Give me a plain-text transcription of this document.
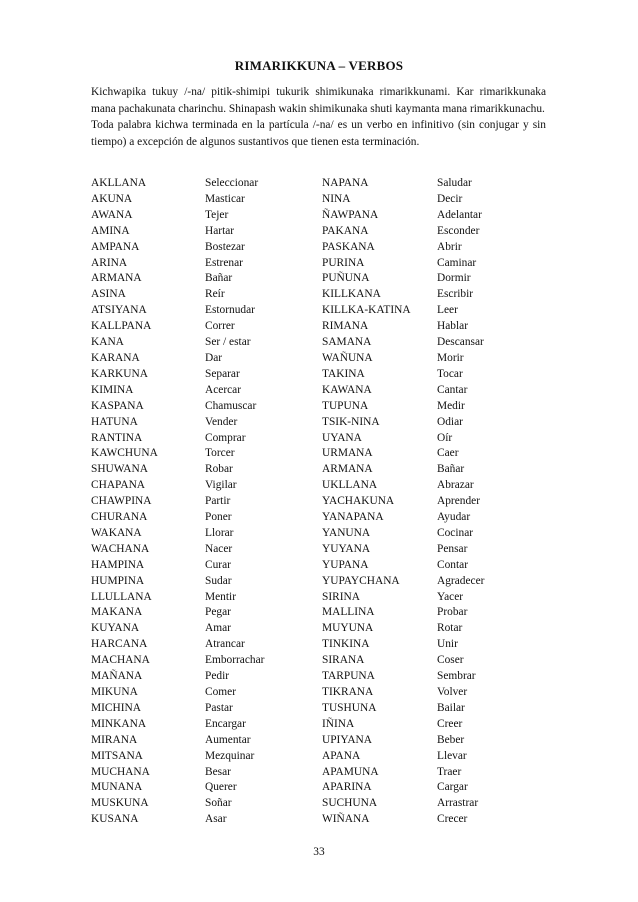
RIMARIKKUNA – VERBOS

Kichwapika tukuy /-na/ pitik-shimipi tukurik shimikunaka rimarikkunami. Kar rimarikkunaka mana pachakunata charinchu. Shinapash wakin shimikunaka shuti kaymanta mana rimarikkunachu.

Toda palabra kichwa terminada en la partícula /-na/ es un verbo en infinitivo (sin conjugar y sin tiempo) a excepción de algunos sustantivos que tienen esta terminación.

AKLLANA	Seleccionar	NAPANA	Saludar
AKUNA	Masticar	NINA	Decir
AWANA	Tejer	ÑAWPANA	Adelantar
AMINA	Hartar	PAKANA	Esconder
AMPANA	Bostezar	PASKANA	Abrir
ARINA	Estrenar	PURINA	Caminar
ARMANA	Bañar	PUÑUNA	Dormir
ASINA	Reír	KILLKANA	Escribir
ATSIYANA	Estornudar	KILLKA-KATINA	Leer
KALLPANA	Correr	RIMANA	Hablar
KANA	Ser / estar	SAMANA	Descansar
KARANA	Dar	WAÑUNA	Morir
KARKUNA	Separar	TAKINA	Tocar
KIMINA	Acercar	KAWANA	Cantar
KASPANA	Chamuscar	TUPUNA	Medir
HATUNA	Vender	TSIK-NINA	Odiar
RANTINA	Comprar	UYANA	Oír
KAWCHUNA	Torcer	URMANA	Caer
SHUWANA	Robar	ARMANA	Bañar
CHAPANA	Vigilar	UKLLANA	Abrazar
CHAWPINA	Partir	YACHAKUNA	Aprender
CHURANA	Poner	YANAPANA	Ayudar
WAKANA	Llorar	YANUNA	Cocinar
WACHANA	Nacer	YUYANA	Pensar
HAMPINA	Curar	YUPANA	Contar
HUMPINA	Sudar	YUPAYCHANA	Agradecer
LLULLANA	Mentir	SIRINA	Yacer
MAKANA	Pegar	MALLINA	Probar
KUYANA	Amar	MUYUNA	Rotar
HARCANA	Atrancar	TINKINA	Unir
MACHANA	Emborrachar	SIRANA	Coser
MAÑANA	Pedir	TARPUNA	Sembrar
MIKUNA	Comer	TIKRANA	Volver
MICHINA	Pastar	TUSHUNA	Bailar
MINKANA	Encargar	IÑINA	Creer
MIRANA	Aumentar	UPIYANA	Beber
MITSANA	Mezquinar	APANA	Llevar
MUCHANA	Besar	APAMUNA	Traer
MUNANA	Querer	APARINA	Cargar
MUSKUNA	Soñar	SUCHUNA	Arrastrar
KUSANA	Asar	WIÑANA	Crecer
33
